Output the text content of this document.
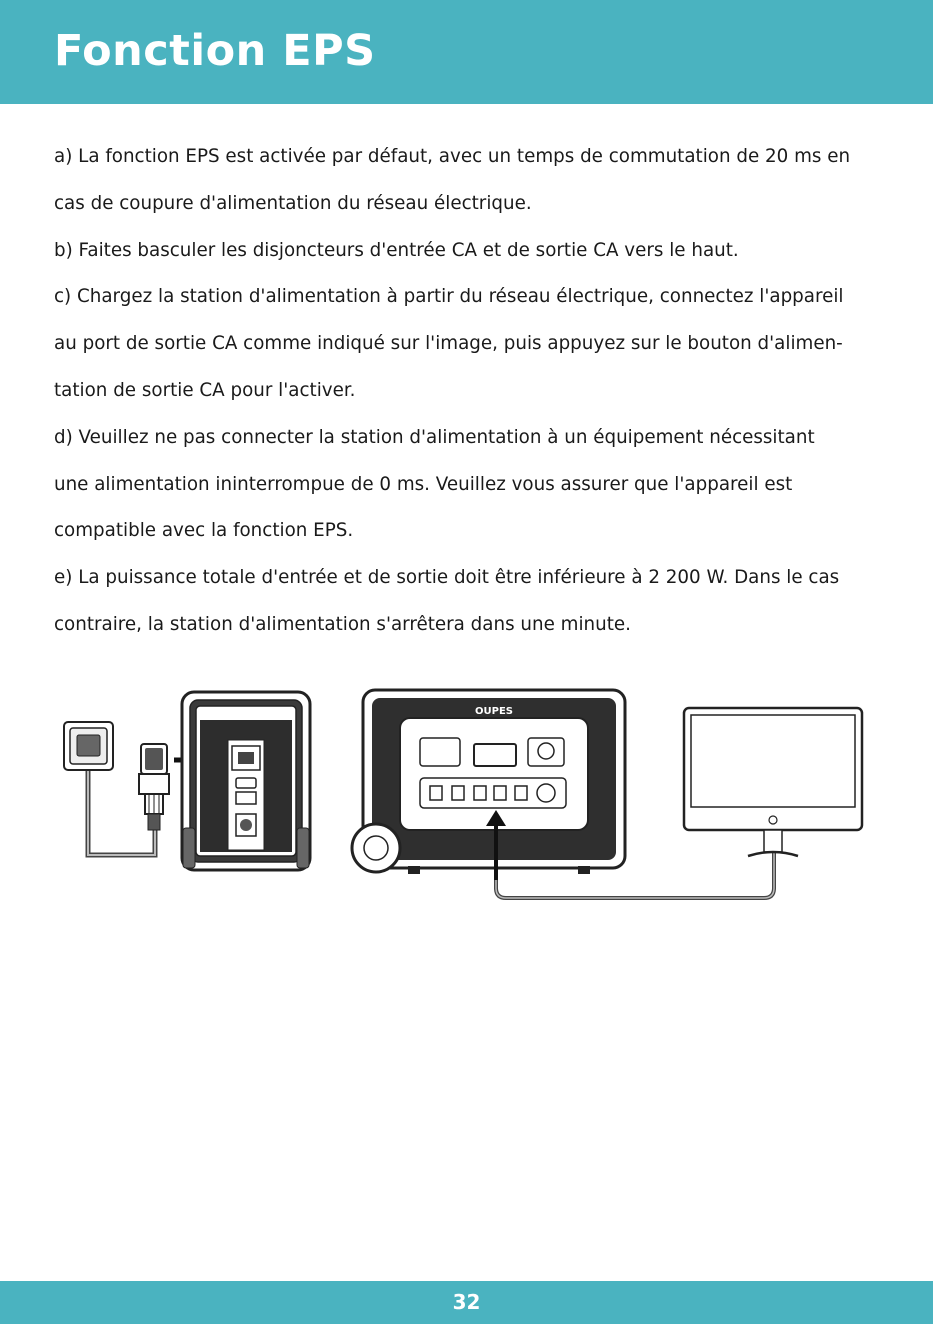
Fonction EPS

a) La fonction EPS est activée par défaut, avec un temps de commutation de 20 ms en

cas de coupure d'alimentation du réseau électrique.

b) Faites basculer les disjoncteurs d'entrée CA et de sortie CA vers le haut.

c) Chargez la station d'alimentation à partir du réseau électrique, connectez l'appareil

au port de sortie CA comme indiqué sur l'image, puis appuyez sur le bouton d'alimen-

tation de sortie CA pour l'activer.

d) Veuillez ne pas connecter la station d'alimentation à un équipement nécessitant

une alimentation ininterrompue de 0 ms. Veuillez vous assurer que l'appareil est

compatible avec la fonction EPS.

e) La puissance totale d'entrée et de sortie doit être inférieure à 2 200 W. Dans le cas

contraire, la station d'alimentation s'arrêtera dans une minute.

OUPES
32
